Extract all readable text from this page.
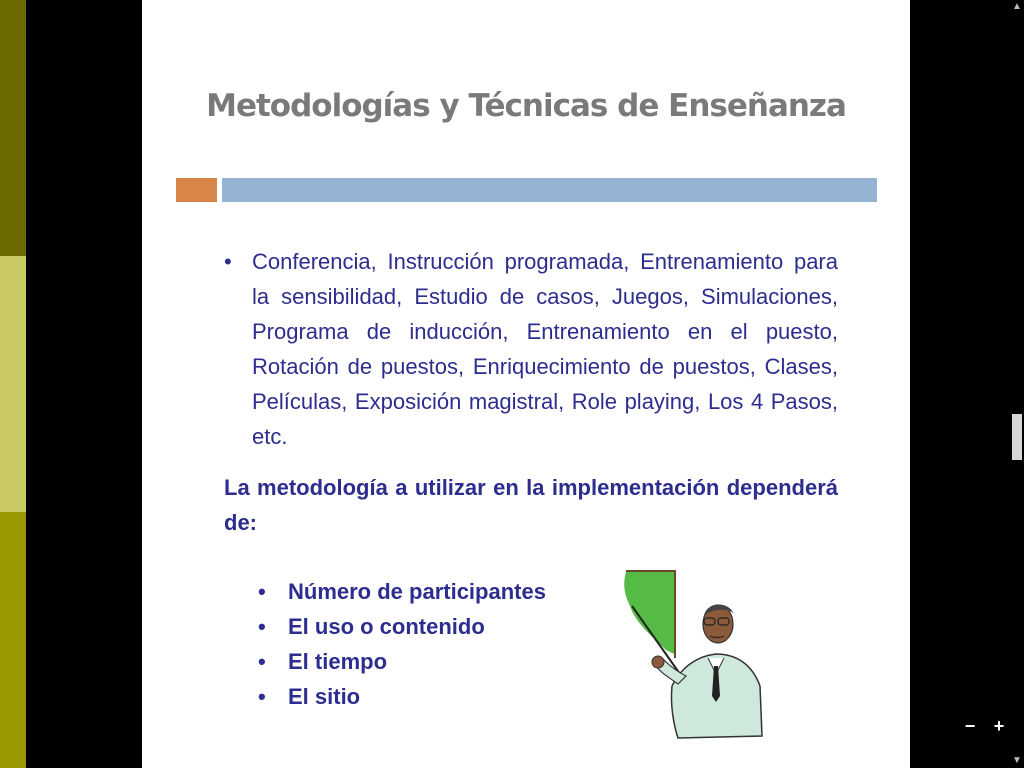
Metodologías y Técnicas de Enseñanza
• Conferencia, Instrucción programada, Entrenamiento para la sensibilidad, Estudio de casos, Juegos, Simulaciones, Programa de inducción, Entrenamiento en el puesto, Rotación de puestos, Enriquecimiento de puestos, Clases, Películas, Exposición magistral, Role playing, Los 4 Pasos, etc.
La metodología a utilizar en la implementación dependerá de:
•	Número de participantes
•	El uso o contenido
•	El tiempo
•	El sitio
▲
▼
− +
